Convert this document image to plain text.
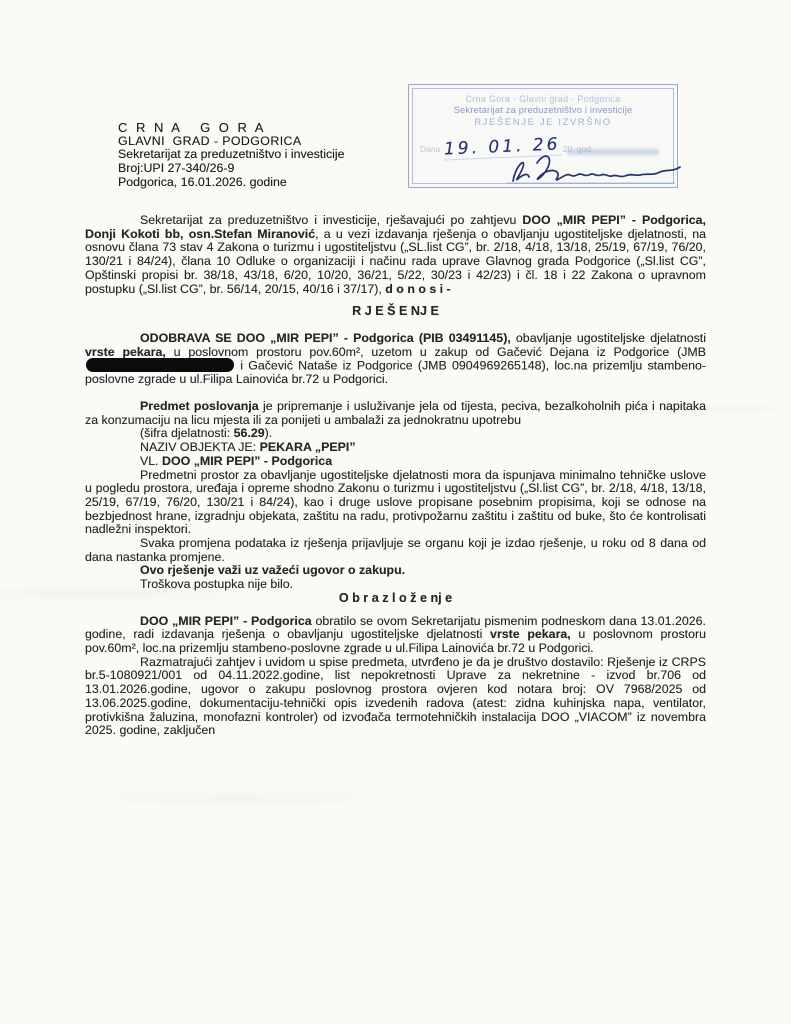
C R N A   G O R A
GLAVNI  GRAD - PODGORICA
Sekretarijat za preduzetništvo i investicije
Broj:UPI 27-340/26-9
Podgorica, 16.01.2026. godine
Crna Gora - Glavni grad - Podgorica
Sekretarijat za preduzetništvo i investicije
RJEŠENJE JE IZVRŠNO
Dana 19. 01. 26 20 god.

Sekretarijat za preduzetništvo i investicije, rješavajući po zahtjevu DOO „MIR PEPI” - Podgorica, Donji Kokoti bb, osn.Stefan Miranović, a u vezi izdavanja rješenja o obavljanju ugostiteljske djelatnosti, na osnovu člana 73 stav 4 Zakona o turizmu i ugostiteljstvu („SL.list CG”, br. 2/18, 4/18, 13/18, 25/19, 67/19, 76/20, 130/21 i 84/24), člana 10 Odluke o organizaciji i načinu rada uprave Glavnog grada Podgorice („Sl.list CG”, Opštinski propisi br. 38/18, 43/18, 6/20, 10/20, 36/21, 5/22, 30/23 i 42/23) i čl. 18 i 22 Zakona o upravnom postupku („Sl.list CG”, br. 56/14, 20/15, 40/16 i 37/17), d o n o s i -

R J E Š E NJ E

ODOBRAVA SE DOO „MIR PEPI” - Podgorica (PIB 03491145), obavljanje ugostiteljske djelatnosti vrste pekara, u poslovnom prostoru pov.60m², uzetom u zakup od Gačević Dejana iz Podgorice (JMB i Gačević Nataše iz Podgorice (JMB 0904969265148), loc.na prizemlju stambeno-poslovne zgrade u ul.Filipa Lainovića br.72 u Podgorici.

Predmet poslovanja je pripremanje i usluživanje jela od tijesta, peciva, bezalkoholnih pića i napitaka za konzumaciju na licu mjesta ili za ponijeti u ambalaži za jednokratnu upotrebu

(šifra djelatnosti: 56.29).
NAZIV OBJEKTA JE: PEKARA „PEPI”
VL. DOO „MIR PEPI” - Podgorica

Predmetni prostor za obavljanje ugostiteljske djelatnosti mora da ispunjava minimalno tehničke uslove u pogledu prostora, uređaja i opreme shodno Zakonu o turizmu i ugostiteljstvu („Sl.list CG”, br. 2/18, 4/18, 13/18, 25/19, 67/19, 76/20, 130/21 i 84/24), kao i druge uslove propisane posebnim propisima, koji se odnose na bezbjednost hrane, izgradnju objekata, zaštitu na radu, protivpožarnu zaštitu i zaštitu od buke, što će kontrolisati nadležni inspektori.

Svaka promjena podataka iz rješenja prijavljuje se organu koji je izdao rješenje, u roku od 8 dana od dana nastanka promjene.

Ovo rješenje važi uz važeći ugovor o zakupu.

Troškova postupka nije bilo.

O b r a z l o ž e nj e

DOO „MIR PEPI” - Podgorica obratilo se ovom Sekretarijatu pismenim podneskom dana 13.01.2026. godine, radi izdavanja rješenja o obavljanju ugostiteljske djelatnosti vrste pekara, u poslovnom prostoru pov.60m², loc.na prizemlju stambeno-poslovne zgrade u ul.Filipa Lainovića br.72 u Podgorici.

Razmatrajući zahtjev i uvidom u spise predmeta, utvrđeno je da je društvo dostavilo: Rješenje iz CRPS br.5-1080921/001 od 04.11.2022.godine, list nepokretnosti Uprave za nekretnine - izvod br.706 od 13.01.2026.godine, ugovor o zakupu poslovnog prostora ovjeren kod notara broj: OV 7968/2025 od 13.06.2025.godine, dokumentaciju-tehnički opis izvedenih radova (atest: zidna kuhinjska napa, ventilator, protivkišna žaluzina, monofazni kontroler) od izvođača termotehničkih instalacija DOO „VIACOM” iz novembra 2025. godine, zaključen
